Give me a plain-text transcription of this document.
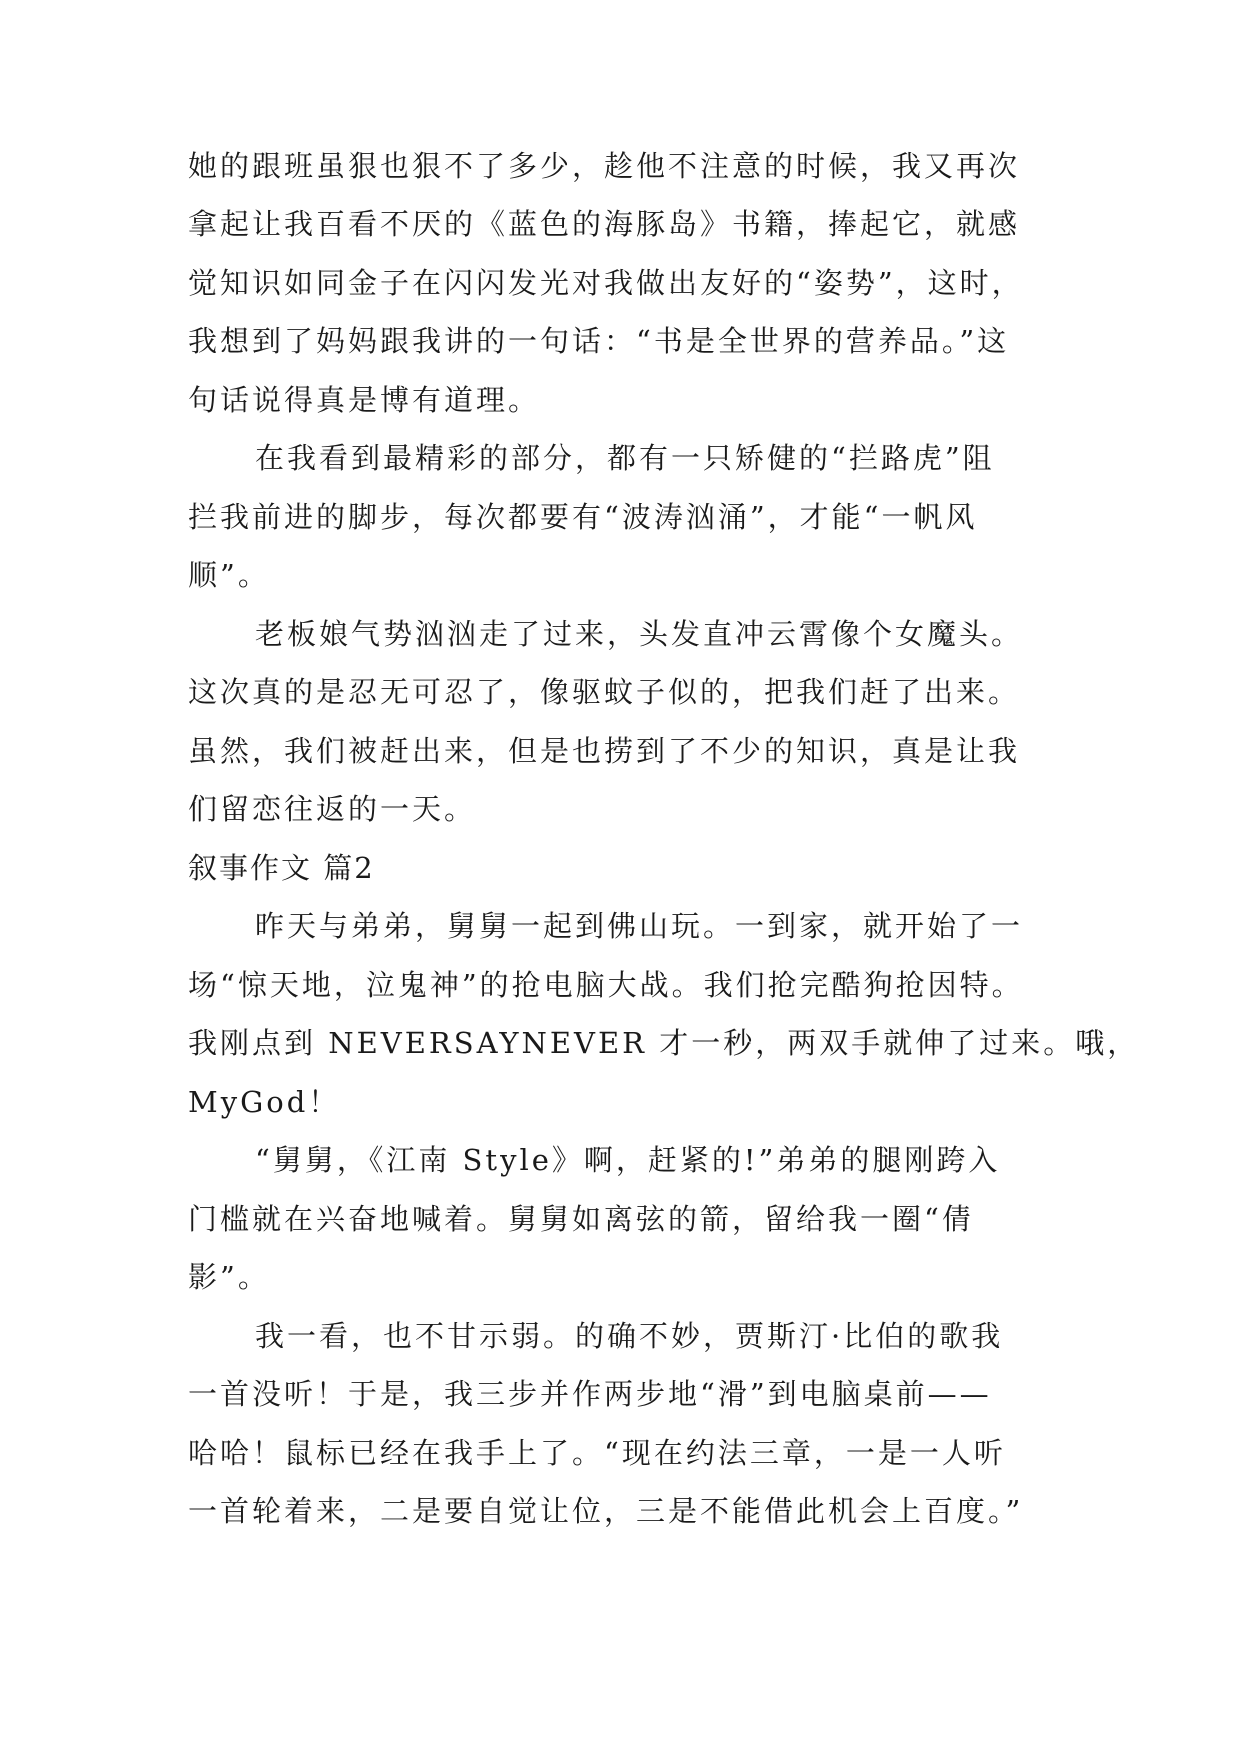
她的跟班虽狠也狠不了多少，趁他不注意的时候，我又再次
拿起让我百看不厌的《蓝色的海豚岛》书籍，捧起它，就感
觉知识如同金子在闪闪发光对我做出友好的“姿势”，这时，
我想到了妈妈跟我讲的一句话：“书是全世界的营养品。”这
句话说得真是博有道理。
在我看到最精彩的部分，都有一只矫健的“拦路虎”阻
拦我前进的脚步，每次都要有“波涛汹涌”，才能“一帆风
顺”。
老板娘气势汹汹走了过来，头发直冲云霄像个女魔头。
这次真的是忍无可忍了，像驱蚊子似的，把我们赶了出来。
虽然，我们被赶出来，但是也捞到了不少的知识，真是让我
们留恋往返的一天。
叙事作文 篇2
昨天与弟弟，舅舅一起到佛山玩。一到家，就开始了一
场“惊天地，泣鬼神”的抢电脑大战。我们抢完酷狗抢因特。
我刚点到 NEVERSAYNEVER 才一秒，两双手就伸了过来。哦，
MyGod！
“舅舅，《江南 Style》啊，赶紧的!”弟弟的腿刚跨入
门槛就在兴奋地喊着。舅舅如离弦的箭，留给我一圈“倩
影”。
我一看，也不甘示弱。的确不妙，贾斯汀·比伯的歌我
一首没听！于是，我三步并作两步地“滑”到电脑桌前——
哈哈！鼠标已经在我手上了。“现在约法三章，一是一人听
一首轮着来，二是要自觉让位，三是不能借此机会上百度。”
